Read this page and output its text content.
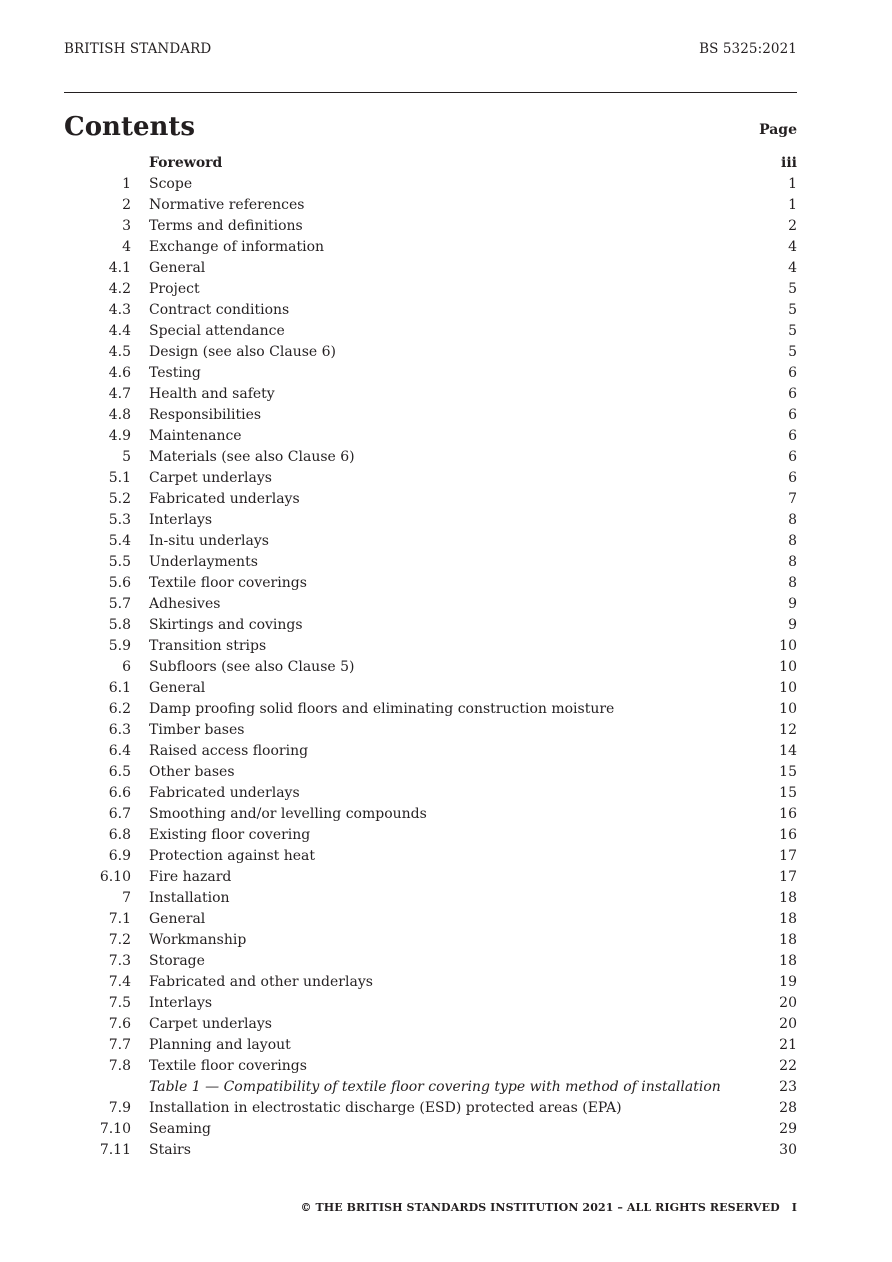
BRITISH STANDARD	BS 5325:2021
Contents	Page
Foreword	iii
1 Scope	1
2 Normative references	1
3 Terms and definitions	2
4 Exchange of information	4
4.1 General	4
4.2 Project	5
4.3 Contract conditions	5
4.4 Special attendance	5
4.5 Design (see also Clause 6)	5
4.6 Testing	6
4.7 Health and safety	6
4.8 Responsibilities	6
4.9 Maintenance	6
5 Materials (see also Clause 6)	6
5.1 Carpet underlays	6
5.2 Fabricated underlays	7
5.3 Interlays	8
5.4 In-situ underlays	8
5.5 Underlayments	8
5.6 Textile floor coverings	8
5.7 Adhesives	9
5.8 Skirtings and covings	9
5.9 Transition strips	10
6 Subfloors (see also Clause 5)	10
6.1 General	10
6.2 Damp proofing solid floors and eliminating construction moisture	10
6.3 Timber bases	12
6.4 Raised access flooring	14
6.5 Other bases	15
6.6 Fabricated underlays	15
6.7 Smoothing and/or levelling compounds	16
6.8 Existing floor covering	16
6.9 Protection against heat	17
6.10 Fire hazard	17
7 Installation	18
7.1 General	18
7.2 Workmanship	18
7.3 Storage	18
7.4 Fabricated and other underlays	19
7.5 Interlays	20
7.6 Carpet underlays	20
7.7 Planning and layout	21
7.8 Textile floor coverings	22
Table 1 — Compatibility of textile floor covering type with method of installation	23
7.9 Installation in electrostatic discharge (ESD) protected areas (EPA)	28
7.10 Seaming	29
7.11 Stairs	30
© THE BRITISH STANDARDS INSTITUTION 2021 – ALL RIGHTS RESERVED I
